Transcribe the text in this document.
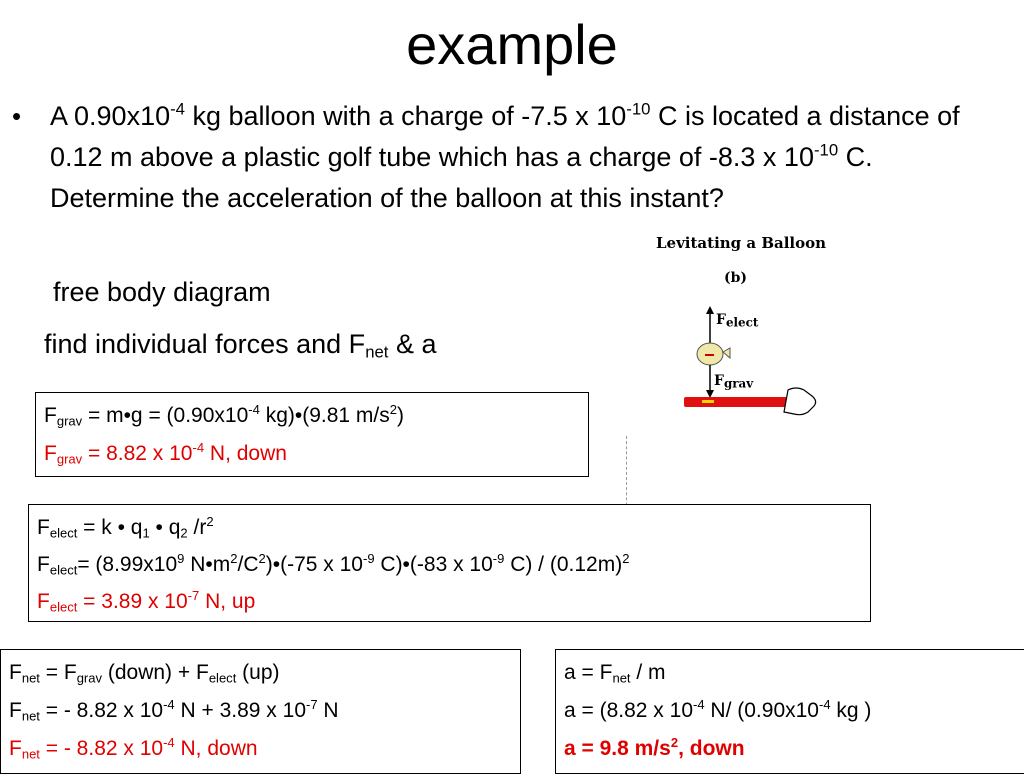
example
• A $0.90x10^{-4}$ kg balloon with a charge of -7.5 x $10^{-10}$ C is located a distance of 0.12 m above a plastic golf tube which has a charge of -8.3 x $10^{-10}$ C. Determine the acceleration of the balloon at this instant?
free body diagram
find individual forces and $F_{net}$ & a
Levitating a Balloon
(b)
$F_{elect}$
$F_{grav}$
$F_{grav}$ = m•g = ($0.90x10^{-4}$ kg)•(9.81 $m/s^2$)
$F_{grav} = 8.82$ x $10^{-4}$ N, down
$F_{elect} = k$ • $q_1$ • $q_2$ $/r^2$
$F_{elect}= (8.99x10^9$ $N•m^2/C^2)•(-75$ x $10^{-9}$ C)•(-83 x $10^{-9}$ $C) / (0.12m)^2$
$F_{elect} = 3.89$ x $10^{-7}$ N, up
$F_{net} = F_{grav}$ (down) + $F_{elect}$ (up)
$F_{net}$ = - 8.82 x $10^{-4}$ N + 3.89 x $10^{-7}$ N
$F_{net}$ = - 8.82 x $10^{-4}$ N, down
$a = F_{net} / m$
a = (8.82 x $10^{-4}$ N/ ($0.90x10^{-4}$ kg )
a = 9.8 $m/s^2$, down
